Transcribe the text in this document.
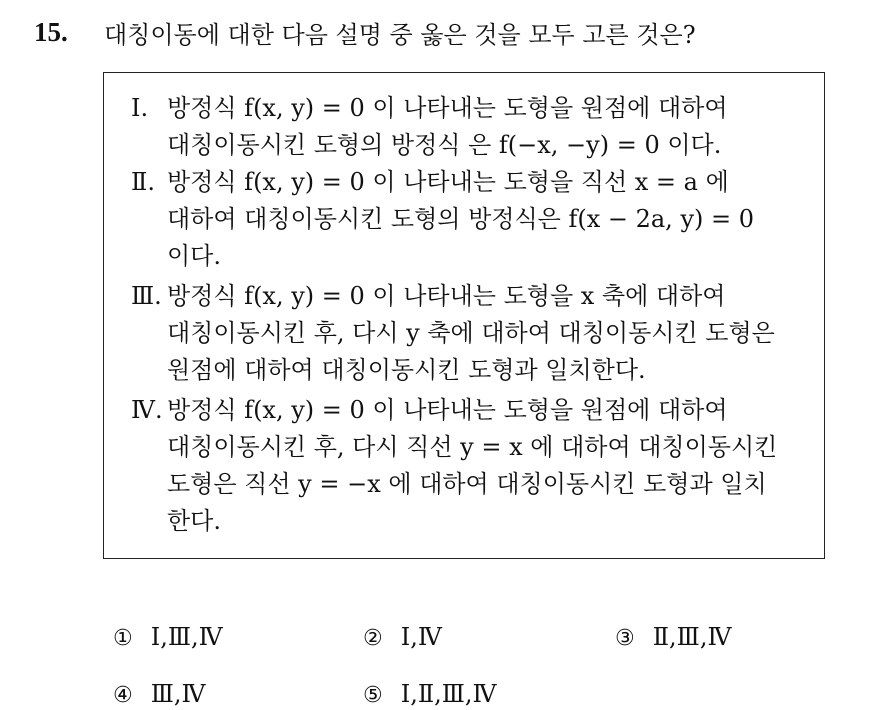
15.	대칭이동에 대한 다음 설명 중 옳은 것을 모두 고른 것은?
Ⅰ. 방정식 f(x, y) = 0 이 나타내는 도형을 원점에 대하여
대칭이동시킨 도형의 방정식 은 f(−x, −y) = 0 이다.
Ⅱ. 방정식 f(x, y) = 0 이 나타내는 도형을 직선 x = a 에
대하여 대칭이동시킨 도형의 방정식은 f(x − 2a, y) = 0
이다.
Ⅲ. 방정식 f(x, y) = 0 이 나타내는 도형을 x 축에 대하여
대칭이동시킨 후, 다시 y 축에 대하여 대칭이동시킨 도형은
원점에 대하여 대칭이동시킨 도형과 일치한다.
Ⅳ. 방정식 f(x, y) = 0 이 나타내는 도형을 원점에 대하여
대칭이동시킨 후, 다시 직선 y = x 에 대하여 대칭이동시킨
도형은 직선 y = −x 에 대하여 대칭이동시킨 도형과 일치
한다.
① Ⅰ,Ⅲ,Ⅳ	② Ⅰ,Ⅳ	③ Ⅱ,Ⅲ,Ⅳ
④ Ⅲ,Ⅳ	⑤ Ⅰ,Ⅱ,Ⅲ,Ⅳ
